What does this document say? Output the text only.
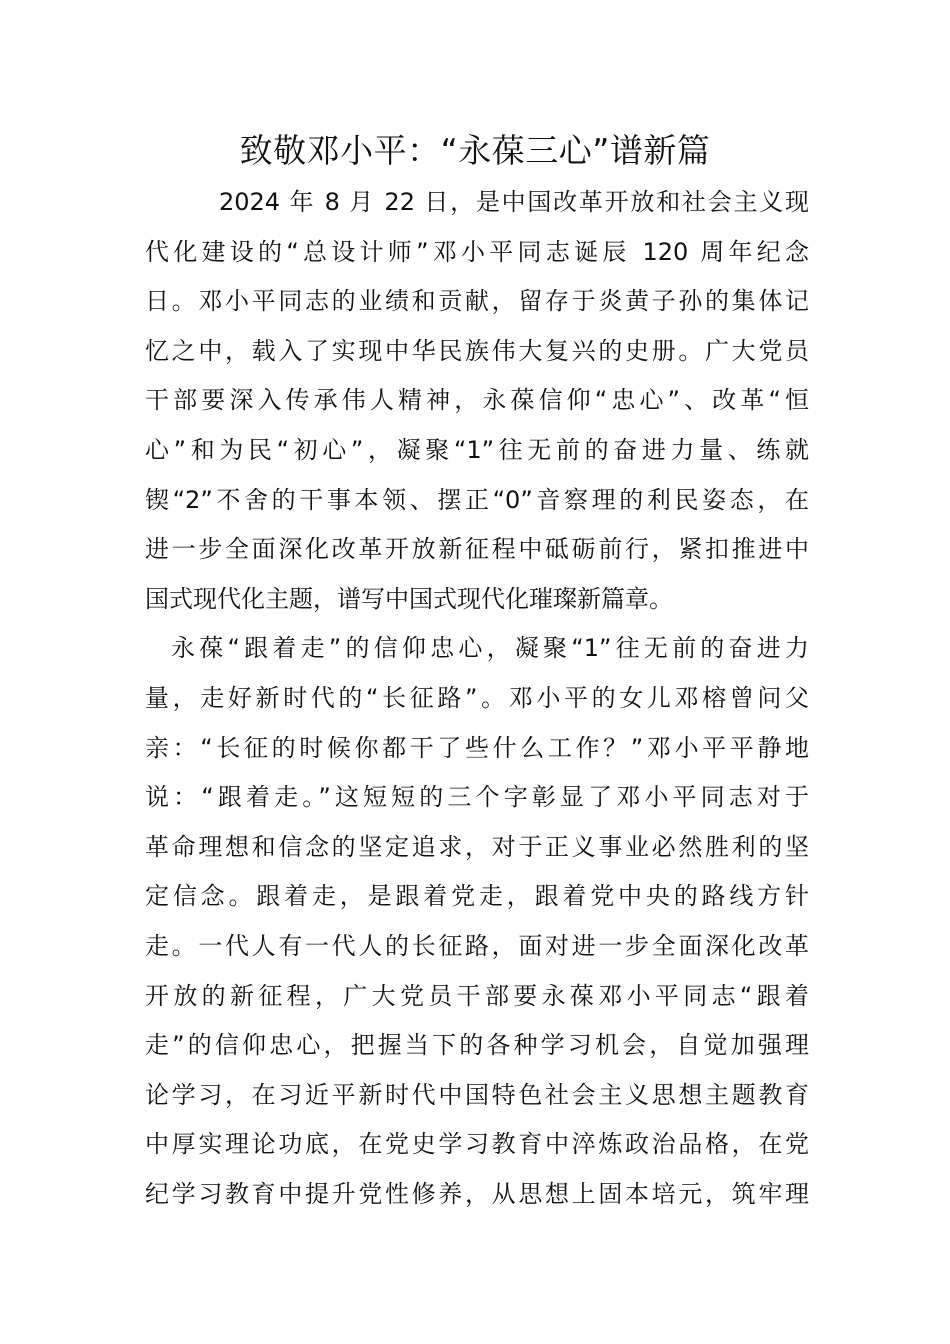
致敬邓小平：“永葆三心”谱新篇

2024 年 8 月 22 日，是中国改革开放和社会主义现

代化建设的“总设计师”邓小平同志诞辰 120 周年纪念

日。邓小平同志的业绩和贡献，留存于炎黄子孙的集体记

忆之中，载入了实现中华民族伟大复兴的史册。广大党员

干部要深入传承伟人精神，永葆信仰“忠心”、改革“恒

心”和为民“初心”，凝聚“1”往无前的奋进力量、练就

锲“2”不舍的干事本领、摆正“0”音察理的利民姿态，在

进一步全面深化改革开放新征程中砥砺前行，紧扣推进中

国式现代化主题，谱写中国式现代化璀璨新篇章。

永葆“跟着走”的信仰忠心，凝聚“1”往无前的奋进力

量，走好新时代的“长征路”。邓小平的女儿邓榕曾问父

亲：“长征的时候你都干了些什么工作？”邓小平平静地

说：“跟着走。”这短短的三个字彰显了邓小平同志对于

革命理想和信念的坚定追求，对于正义事业必然胜利的坚

定信念。跟着走，是跟着党走，跟着党中央的路线方针

走。一代人有一代人的长征路，面对进一步全面深化改革

开放的新征程，广大党员干部要永葆邓小平同志“跟着

走”的信仰忠心，把握当下的各种学习机会，自觉加强理

论学习，在习近平新时代中国特色社会主义思想主题教育

中厚实理论功底，在党史学习教育中淬炼政治品格，在党

纪学习教育中提升党性修养，从思想上固本培元，筑牢理
